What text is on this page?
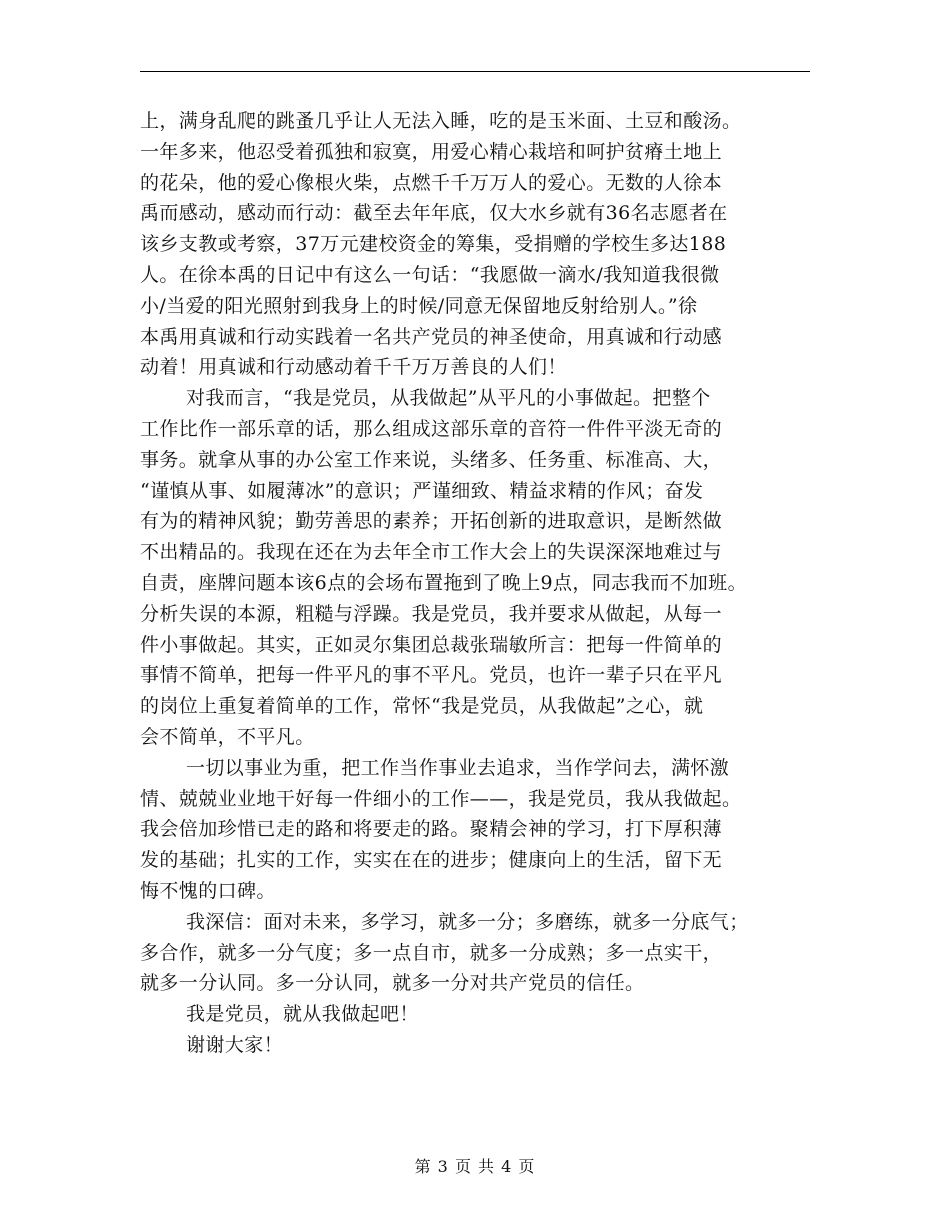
上，满身乱爬的跳蚤几乎让人无法入睡，吃的是玉米面、土豆和酸汤。
一年多来，他忍受着孤独和寂寞，用爱心精心栽培和呵护贫瘠土地上
的花朵，他的爱心像根火柴，点燃千千万万人的爱心。无数的人徐本
禹而感动，感动而行动：截至去年年底，仅大水乡就有36名志愿者在
该乡支教或考察，37万元建校资金的筹集，受捐赠的学校生多达188
人。在徐本禹的日记中有这么一句话：“我愿做一滴水/我知道我很微
小/当爱的阳光照射到我身上的时候/同意无保留地反射给别人。”徐
本禹用真诚和行动实践着一名共产党员的神圣使命，用真诚和行动感
动着！用真诚和行动感动着千千万万善良的人们！
对我而言，“我是党员，从我做起”从平凡的小事做起。把整个
工作比作一部乐章的话，那么组成这部乐章的音符一件件平淡无奇的
事务。就拿从事的办公室工作来说，头绪多、任务重、标准高、大，
“谨慎从事、如履薄冰”的意识；严谨细致、精益求精的作风；奋发
有为的精神风貌；勤劳善思的素养；开拓创新的进取意识，是断然做
不出精品的。我现在还在为去年全市工作大会上的失误深深地难过与
自责，座牌问题本该6点的会场布置拖到了晚上9点，同志我而不加班。
分析失误的本源，粗糙与浮躁。我是党员，我并要求从做起，从每一
件小事做起。其实，正如灵尔集团总裁张瑞敏所言：把每一件简单的
事情不简单，把每一件平凡的事不平凡。党员，也许一辈子只在平凡
的岗位上重复着简单的工作，常怀“我是党员，从我做起”之心，就
会不简单，不平凡。
一切以事业为重，把工作当作事业去追求，当作学问去，满怀激
情、兢兢业业地干好每一件细小的工作——，我是党员，我从我做起。
我会倍加珍惜已走的路和将要走的路。聚精会神的学习，打下厚积薄
发的基础；扎实的工作，实实在在的进步；健康向上的生活，留下无
悔不愧的口碑。
我深信：面对未来，多学习，就多一分；多磨练，就多一分底气；
多合作，就多一分气度；多一点自市，就多一分成熟；多一点实干，
就多一分认同。多一分认同，就多一分对共产党员的信任。
我是党员，就从我做起吧！
谢谢大家！
第 3 页 共 4 页
